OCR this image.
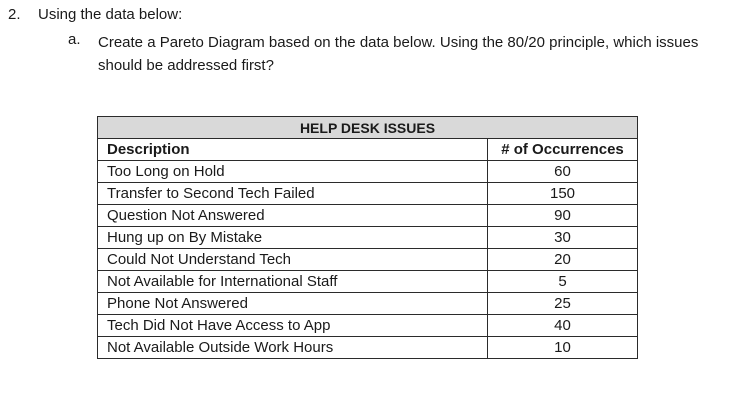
2. Using the data below:
a. Create a Pareto Diagram based on the data below. Using the 80/20 principle, which issues should be addressed first?
HELP DESK ISSUES	
Description	# of Occurrences
Too Long on Hold	60
Transfer to Second Tech Failed	150
Question Not Answered	90
Hung up on By Mistake	30
Could Not Understand Tech	20
Not Available for International Staff	5
Phone Not Answered	25
Tech Did Not Have Access to App	40
Not Available Outside Work Hours	10
